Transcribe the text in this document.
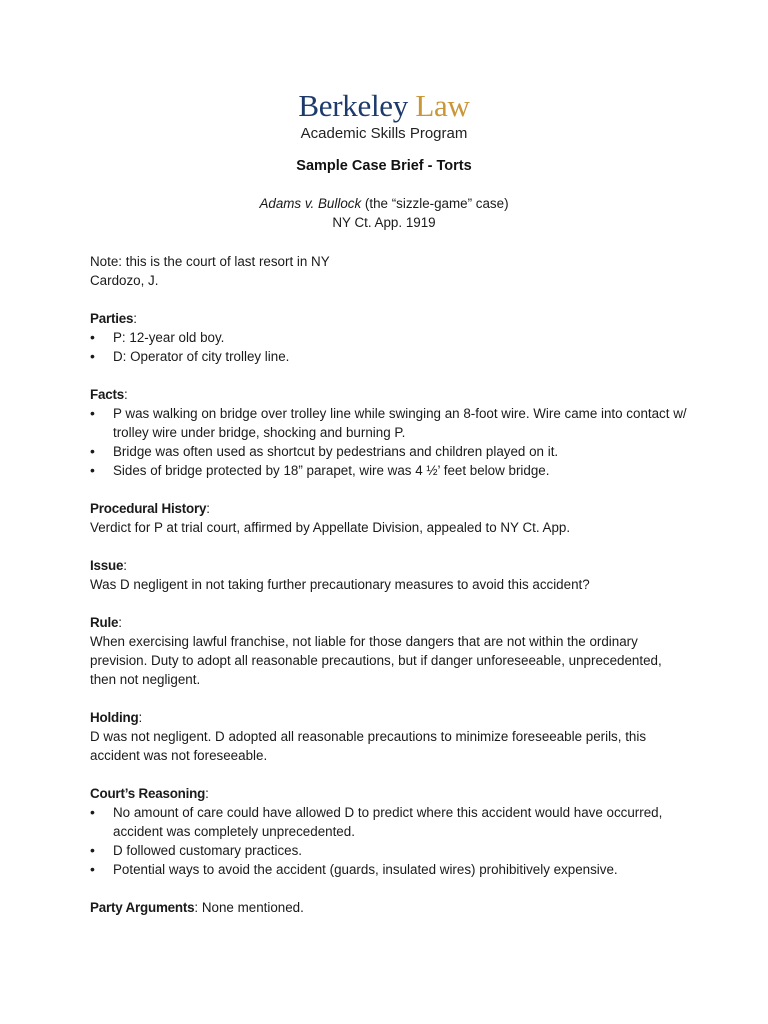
Berkeley Law
Academic Skills Program
Sample Case Brief - Torts
Adams v. Bullock (the “sizzle-game” case)
NY Ct. App. 1919

Note: this is the court of last resort in NY

Cardozo, J.

Parties:

• P: 12-year old boy.
• D: Operator of city trolley line.

Facts:

• P was walking on bridge over trolley line while swinging an 8-foot wire. Wire came into contact w/ trolley wire under bridge, shocking and burning P.
• Bridge was often used as shortcut by pedestrians and children played on it.
• Sides of bridge protected by 18” parapet, wire was 4 ½’ feet below bridge.

Procedural History:

Verdict for P at trial court, affirmed by Appellate Division, appealed to NY Ct. App.

Issue:

Was D negligent in not taking further precautionary measures to avoid this accident?

Rule:

When exercising lawful franchise, not liable for those dangers that are not within the ordinary prevision. Duty to adopt all reasonable precautions, but if danger unforeseeable, unprecedented, then not negligent.

Holding:

D was not negligent. D adopted all reasonable precautions to minimize foreseeable perils, this accident was not foreseeable.

Court’s Reasoning:

• No amount of care could have allowed D to predict where this accident would have occurred, accident was completely unprecedented.
• D followed customary practices.
• Potential ways to avoid the accident (guards, insulated wires) prohibitively expensive.

Party Arguments: None mentioned.
